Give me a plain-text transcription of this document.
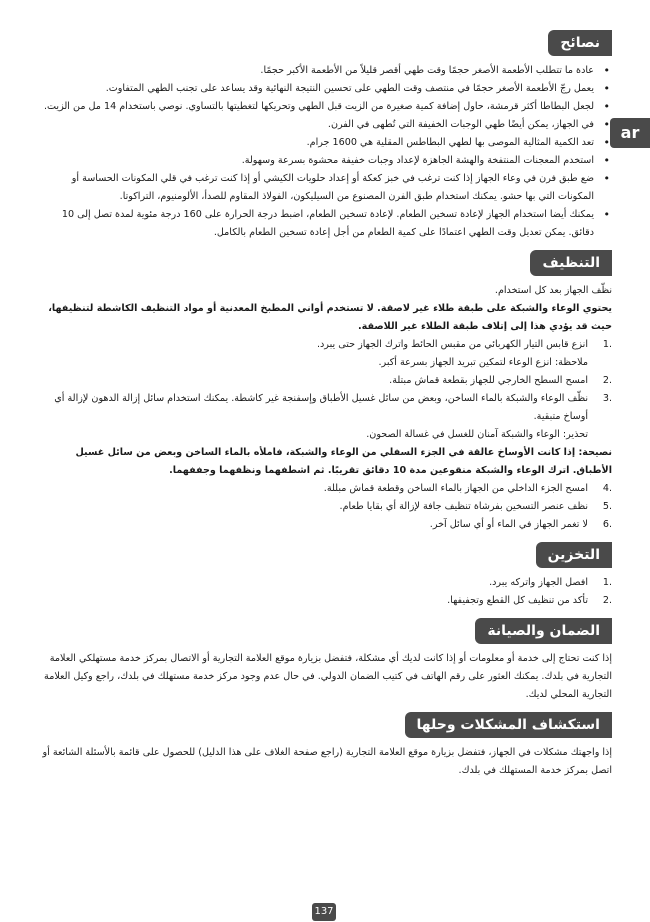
ar
نصائح
• عادة ما تتطلب الأطعمة الأصغر حجمًا وقت طهي أقصر قليلاً من الأطعمة الأكبر حجمًا.
• يعمل رجّ الأطعمة الأصغر حجمًا في منتصف وقت الطهي على تحسين النتيجة النهائية وقد يساعد على تجنب الطهي المتفاوت.
• لجعل البطاطا أكثر قرمشة، حاول إضافة كمية صغيرة من الزيت قبل الطهي وتحريكها لتغطيتها بالتساوي. نوصي باستخدام 14 مل من الزيت.
• في الجهاز، يمكن أيضًا طهي الوجبات الخفيفة التي تُطهى في الفرن.
• تعد الكمية المثالية الموصى بها لطهي البطاطس المقلية هي 1600 جرام.
• استخدم المعجنات المنتفخة والهشة الجاهزة لإعداد وجبات خفيفة محشوة بسرعة وسهولة.
• ضع طبق فرن في وعاء الجهاز إذا كنت ترغب في خبز كعكة أو إعداد حلويات الكيشي أو إذا كنت ترغب في قلي المكونات الحساسة أو المكونات التي بها حشو. يمكنك استخدام طبق الفرن المصنوع من السيليكون، الفولاذ المقاوم للصدأ، الألومنيوم، التراكوتا.
• يمكنك أيضا استخدام الجهاز لإعادة تسخين الطعام. لإعادة تسخين الطعام، اضبط درجة الحرارة على 160 درجة مئوية لمدة تصل إلى 10 دقائق. يمكن تعديل وقت الطهي اعتمادًا على كمية الطعام من أجل إعادة تسخين الطعام بالكامل.
التنظيف

نظّف الجهاز بعد كل استخدام.

يحتوي الوعاء والشبكة على طبقة طلاء غير لاصقة. لا تستخدم أواني المطبخ المعدنية أو مواد التنظيف الكاشطة لتنظيفها، حيث قد يؤدي هذا إلى إتلاف طبقة الطلاء غير اللاصقة.

1.
انزع قابس التيار الكهربائي من مقبس الحائط واترك الجهاز حتى يبرد.
ملاحظة: انزع الوعاء لتمكين تبريد الجهاز بسرعة أكبر.
2.
امسح السطح الخارجي للجهاز بقطعة قماش مبتلة.
3.
نظّف الوعاء والشبكة بالماء الساخن، وبعض من سائل غسيل الأطباق وإسفنجة غير كاشطة. يمكنك استخدام سائل إزالة الدهون لإزالة أي أوساخ متبقية.
تحذير: الوعاء والشبكة آمنان للغسل في غسالة الصحون.

نصيحة: إذا كانت الأوساخ عالقة في الجزء السفلي من الوعاء والشبكة، فاملأه بالماء الساخن وبعض من سائل غسيل الأطباق. اترك الوعاء والشبكة منقوعين مدة 10 دقائق تقريبًا. ثم اشطفهما ونظفهما وجففهما.

4.
امسح الجزء الداخلي من الجهاز بالماء الساخن وقطعة قماش مبللة.
5.
نظف عنصر التسخين بفرشاة تنظيف جافة لإزالة أي بقايا طعام.
6.
لا تغمر الجهاز في الماء أو أي سائل آخر.
التخزين
1.
افصل الجهاز واتركه يبرد.
2.
تأكد من تنظيف كل القطع وتجفيفها.
الضمان والصيانة

إذا كنت تحتاج إلى خدمة أو معلومات أو إذا كانت لديك أي مشكلة، فتفضل بزيارة موقع العلامة التجارية أو الاتصال بمركز خدمة مستهلكي العلامة التجارية في بلدك. يمكنك العثور على رقم الهاتف في كتيب الضمان الدولي. في حال عدم وجود مركز خدمة مستهلك في بلدك، راجع وكيل العلامة التجارية المحلي لديك.

استكشاف المشكلات وحلها

إذا واجهتك مشكلات في الجهاز، فتفضل بزيارة موقع العلامة التجارية (راجع صفحة الغلاف على هذا الدليل) للحصول على قائمة بالأسئلة الشائعة أو اتصل بمركز خدمة المستهلك في بلدك.

137
